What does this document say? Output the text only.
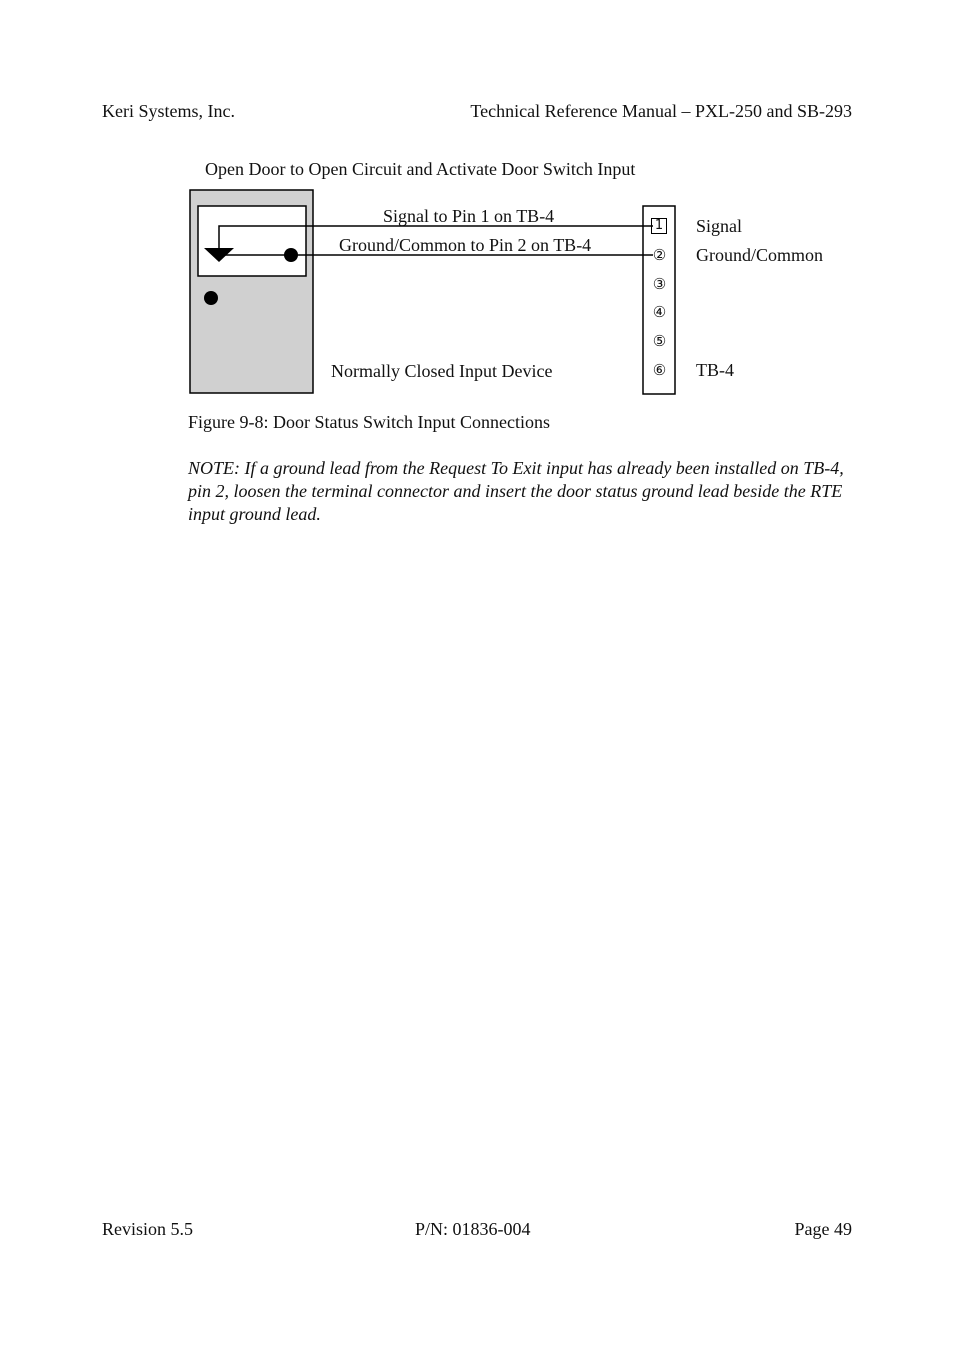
Keri Systems, Inc.	Technical Reference Manual – PXL-250 and SB-293
Open Door to Open Circuit and Activate Door Switch Input
Signal to Pin 1 on TB-4
Ground/Common to Pin 2 on TB-4
Normally Closed Input Device
1
②
③
④
⑤
⑥
Signal
Ground/Common
TB-4
Figure 9-8: Door Status Switch Input Connections
NOTE: If a ground lead from the Request To Exit input has already been installed on TB-4, pin 2, loosen the terminal connector and insert the door status ground lead beside the RTE input ground lead.
Revision 5.5	P/N: 01836-004	Page 49
